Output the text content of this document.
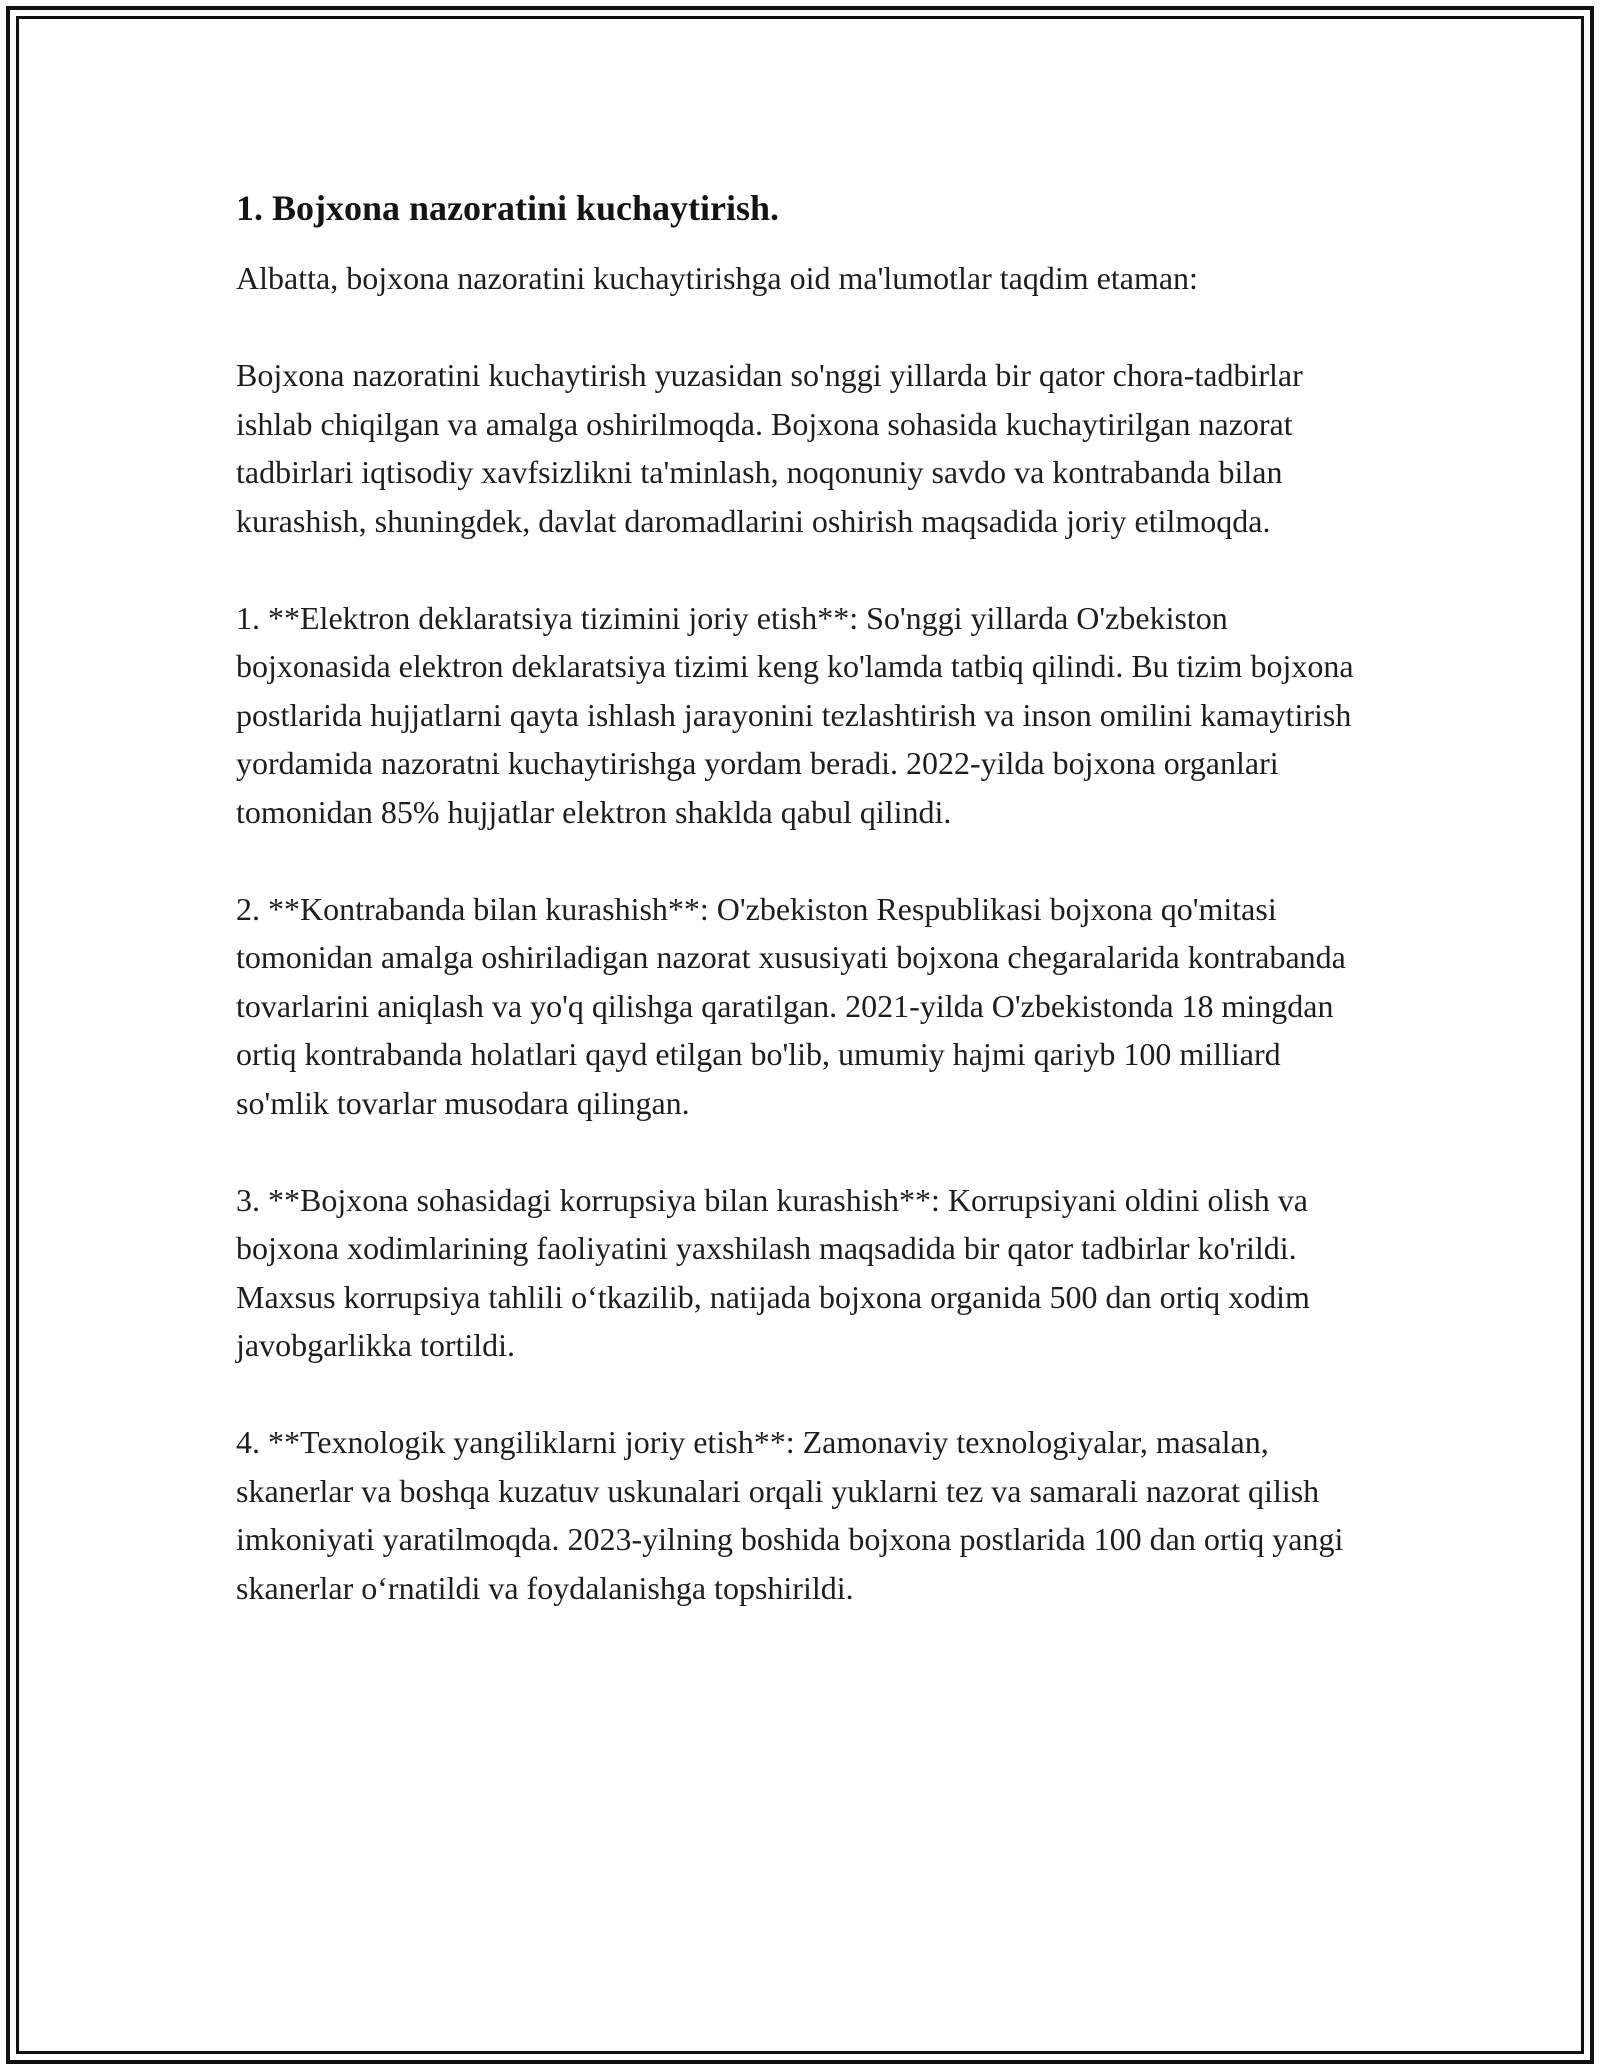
1. Bojxona nazoratini kuchaytirish.

Albatta, bojxona nazoratini kuchaytirishga oid ma'lumotlar taqdim etaman:

Bojxona nazoratini kuchaytirish yuzasidan so'nggi yillarda bir qator chora-tadbirlar ishlab chiqilgan va amalga oshirilmoqda. Bojxona sohasida kuchaytirilgan nazorat tadbirlari iqtisodiy xavfsizlikni ta'minlash, noqonuniy savdo va kontrabanda bilan kurashish, shuningdek, davlat daromadlarini oshirish maqsadida joriy etilmoqda.

1. **Elektron deklaratsiya tizimini joriy etish**: So'nggi yillarda O'zbekiston bojxonasida elektron deklaratsiya tizimi keng ko'lamda tatbiq qilindi. Bu tizim bojxona postlarida hujjatlarni qayta ishlash jarayonini tezlashtirish va inson omilini kamaytirish yordamida nazoratni kuchaytirishga yordam beradi. 2022-yilda bojxona organlari tomonidan 85% hujjatlar elektron shaklda qabul qilindi.

2. **Kontrabanda bilan kurashish**: O'zbekiston Respublikasi bojxona qo'mitasi tomonidan amalga oshiriladigan nazorat xususiyati bojxona chegaralarida kontrabanda tovarlarini aniqlash va yo'q qilishga qaratilgan. 2021-yilda O'zbekistonda 18 mingdan ortiq kontrabanda holatlari qayd etilgan bo'lib, umumiy hajmi qariyb 100 milliard so'mlik tovarlar musodara qilingan.

3. **Bojxona sohasidagi korrupsiya bilan kurashish**: Korrupsiyani oldini olish va bojxona xodimlarining faoliyatini yaxshilash maqsadida bir qator tadbirlar ko'rildi. Maxsus korrupsiya tahlili o‘tkazilib, natijada bojxona organida 500 dan ortiq xodim javobgarlikka tortildi.

4. **Texnologik yangiliklarni joriy etish**: Zamonaviy texnologiyalar, masalan, skanerlar va boshqa kuzatuv uskunalari orqali yuklarni tez va samarali nazorat qilish imkoniyati yaratilmoqda. 2023-yilning boshida bojxona postlarida 100 dan ortiq yangi skanerlar o‘rnatildi va foydalanishga topshirildi.
